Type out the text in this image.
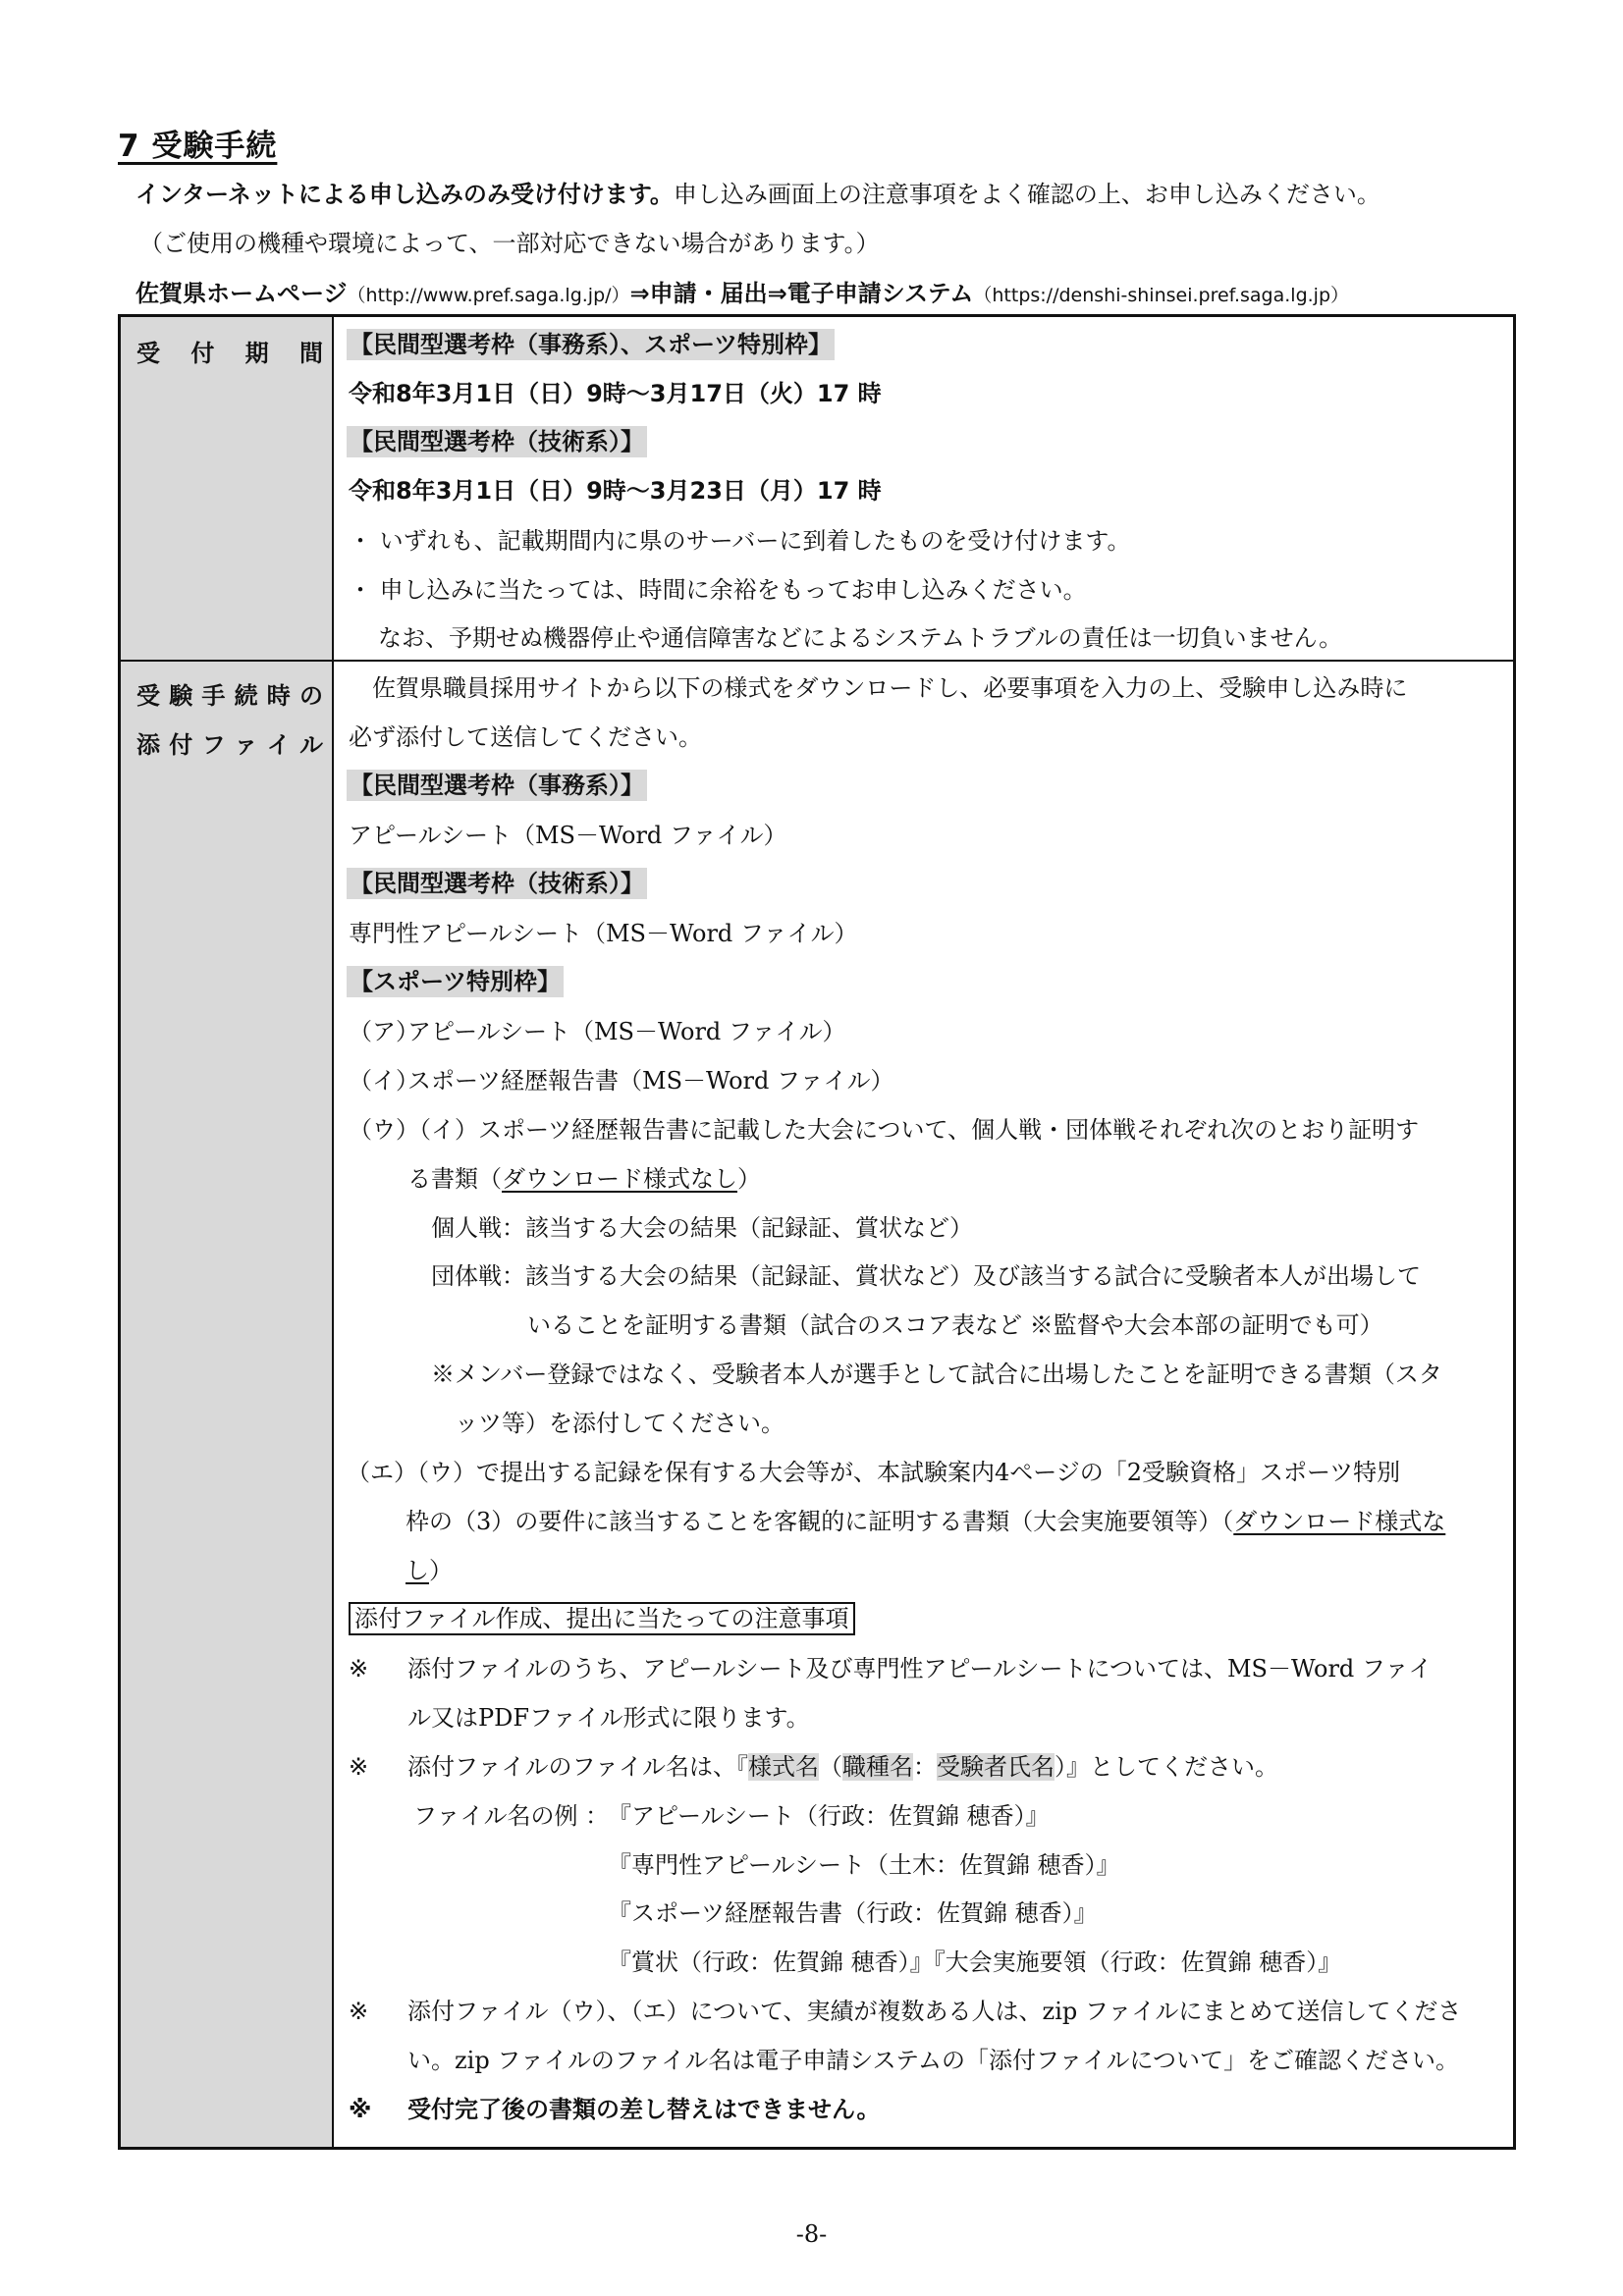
7 受験手続
インターネットによる申し込みのみ受け付けます。申し込み画面上の注意事項をよく確認の上、お申し込みください。
（ご使用の機種や環境によって、一部対応できない場合があります。）
佐賀県ホームページ（http://www.pref.saga.lg.jp/）⇒申請・届出⇒電子申請システム（https://denshi-shinsei.pref.saga.lg.jp）
受付期間
受験手続時の
添付ファイル
【民間型選考枠（事務系）、スポーツ特別枠】
令和8年3月1日（日）9時～3月17日（火）17 時
【民間型選考枠（技術系）】
令和8年3月1日（日）9時～3月23日（月）17 時
・ いずれも、記載期間内に県のサーバーに到着したものを受け付けます。
・ 申し込みに当たっては、時間に余裕をもってお申し込みください。
なお、予期せぬ機器停止や通信障害などによるシステムトラブルの責任は一切負いません。
佐賀県職員採用サイトから以下の様式をダウンロードし、必要事項を入力の上、受験申し込み時に
必ず添付して送信してください。
【民間型選考枠（事務系）】
アピールシート（MS－Word ファイル）
【民間型選考枠（技術系）】
専門性アピールシート（MS－Word ファイル）
【スポーツ特別枠】
（ア）
アピールシート（MS－Word ファイル）
（イ）
スポーツ経歴報告書（MS－Word ファイル）
（ウ）
（イ）スポーツ経歴報告書に記載した大会について、個人戦・団体戦それぞれ次のとおり証明す
る書類（ダウンロード様式なし）
個人戦：該当する大会の結果（記録証、賞状など）
団体戦：該当する大会の結果（記録証、賞状など）及び該当する試合に受験者本人が出場して
いることを証明する書類（試合のスコア表など ※監督や大会本部の証明でも可）
※メンバー登録ではなく、受験者本人が選手として試合に出場したことを証明できる書類（スタ
ッツ等）を添付してください。
（エ）
（ウ）で提出する記録を保有する大会等が、本試験案内4ページの「2受験資格」スポーツ特別
枠の（3）の要件に該当することを客観的に証明する書類（大会実施要領等）（ダウンロード様式な
し）
添付ファイル作成、提出に当たっての注意事項
※ 添付ファイルのうち、アピールシート及び専門性アピールシートについては、MS－Word ファイ
ル又はPDFファイル形式に限ります。
※ 添付ファイルのファイル名は、『様式名（職種名：受験者氏名）』としてください。
ファイル名の例 ：
『アピールシート（行政：佐賀錦 穂香）』
『専門性アピールシート（土木：佐賀錦 穂香）』
『スポーツ経歴報告書（行政：佐賀錦 穂香）』
『賞状（行政：佐賀錦 穂香）』『大会実施要領（行政：佐賀錦 穂香）』
※ 添付ファイル（ウ）、（エ）について、実績が複数ある人は、zip ファイルにまとめて送信してくださ
い。zip ファイルのファイル名は電子申請システムの「添付ファイルについて」をご確認ください。
※ 受付完了後の書類の差し替えはできません。
-8-
